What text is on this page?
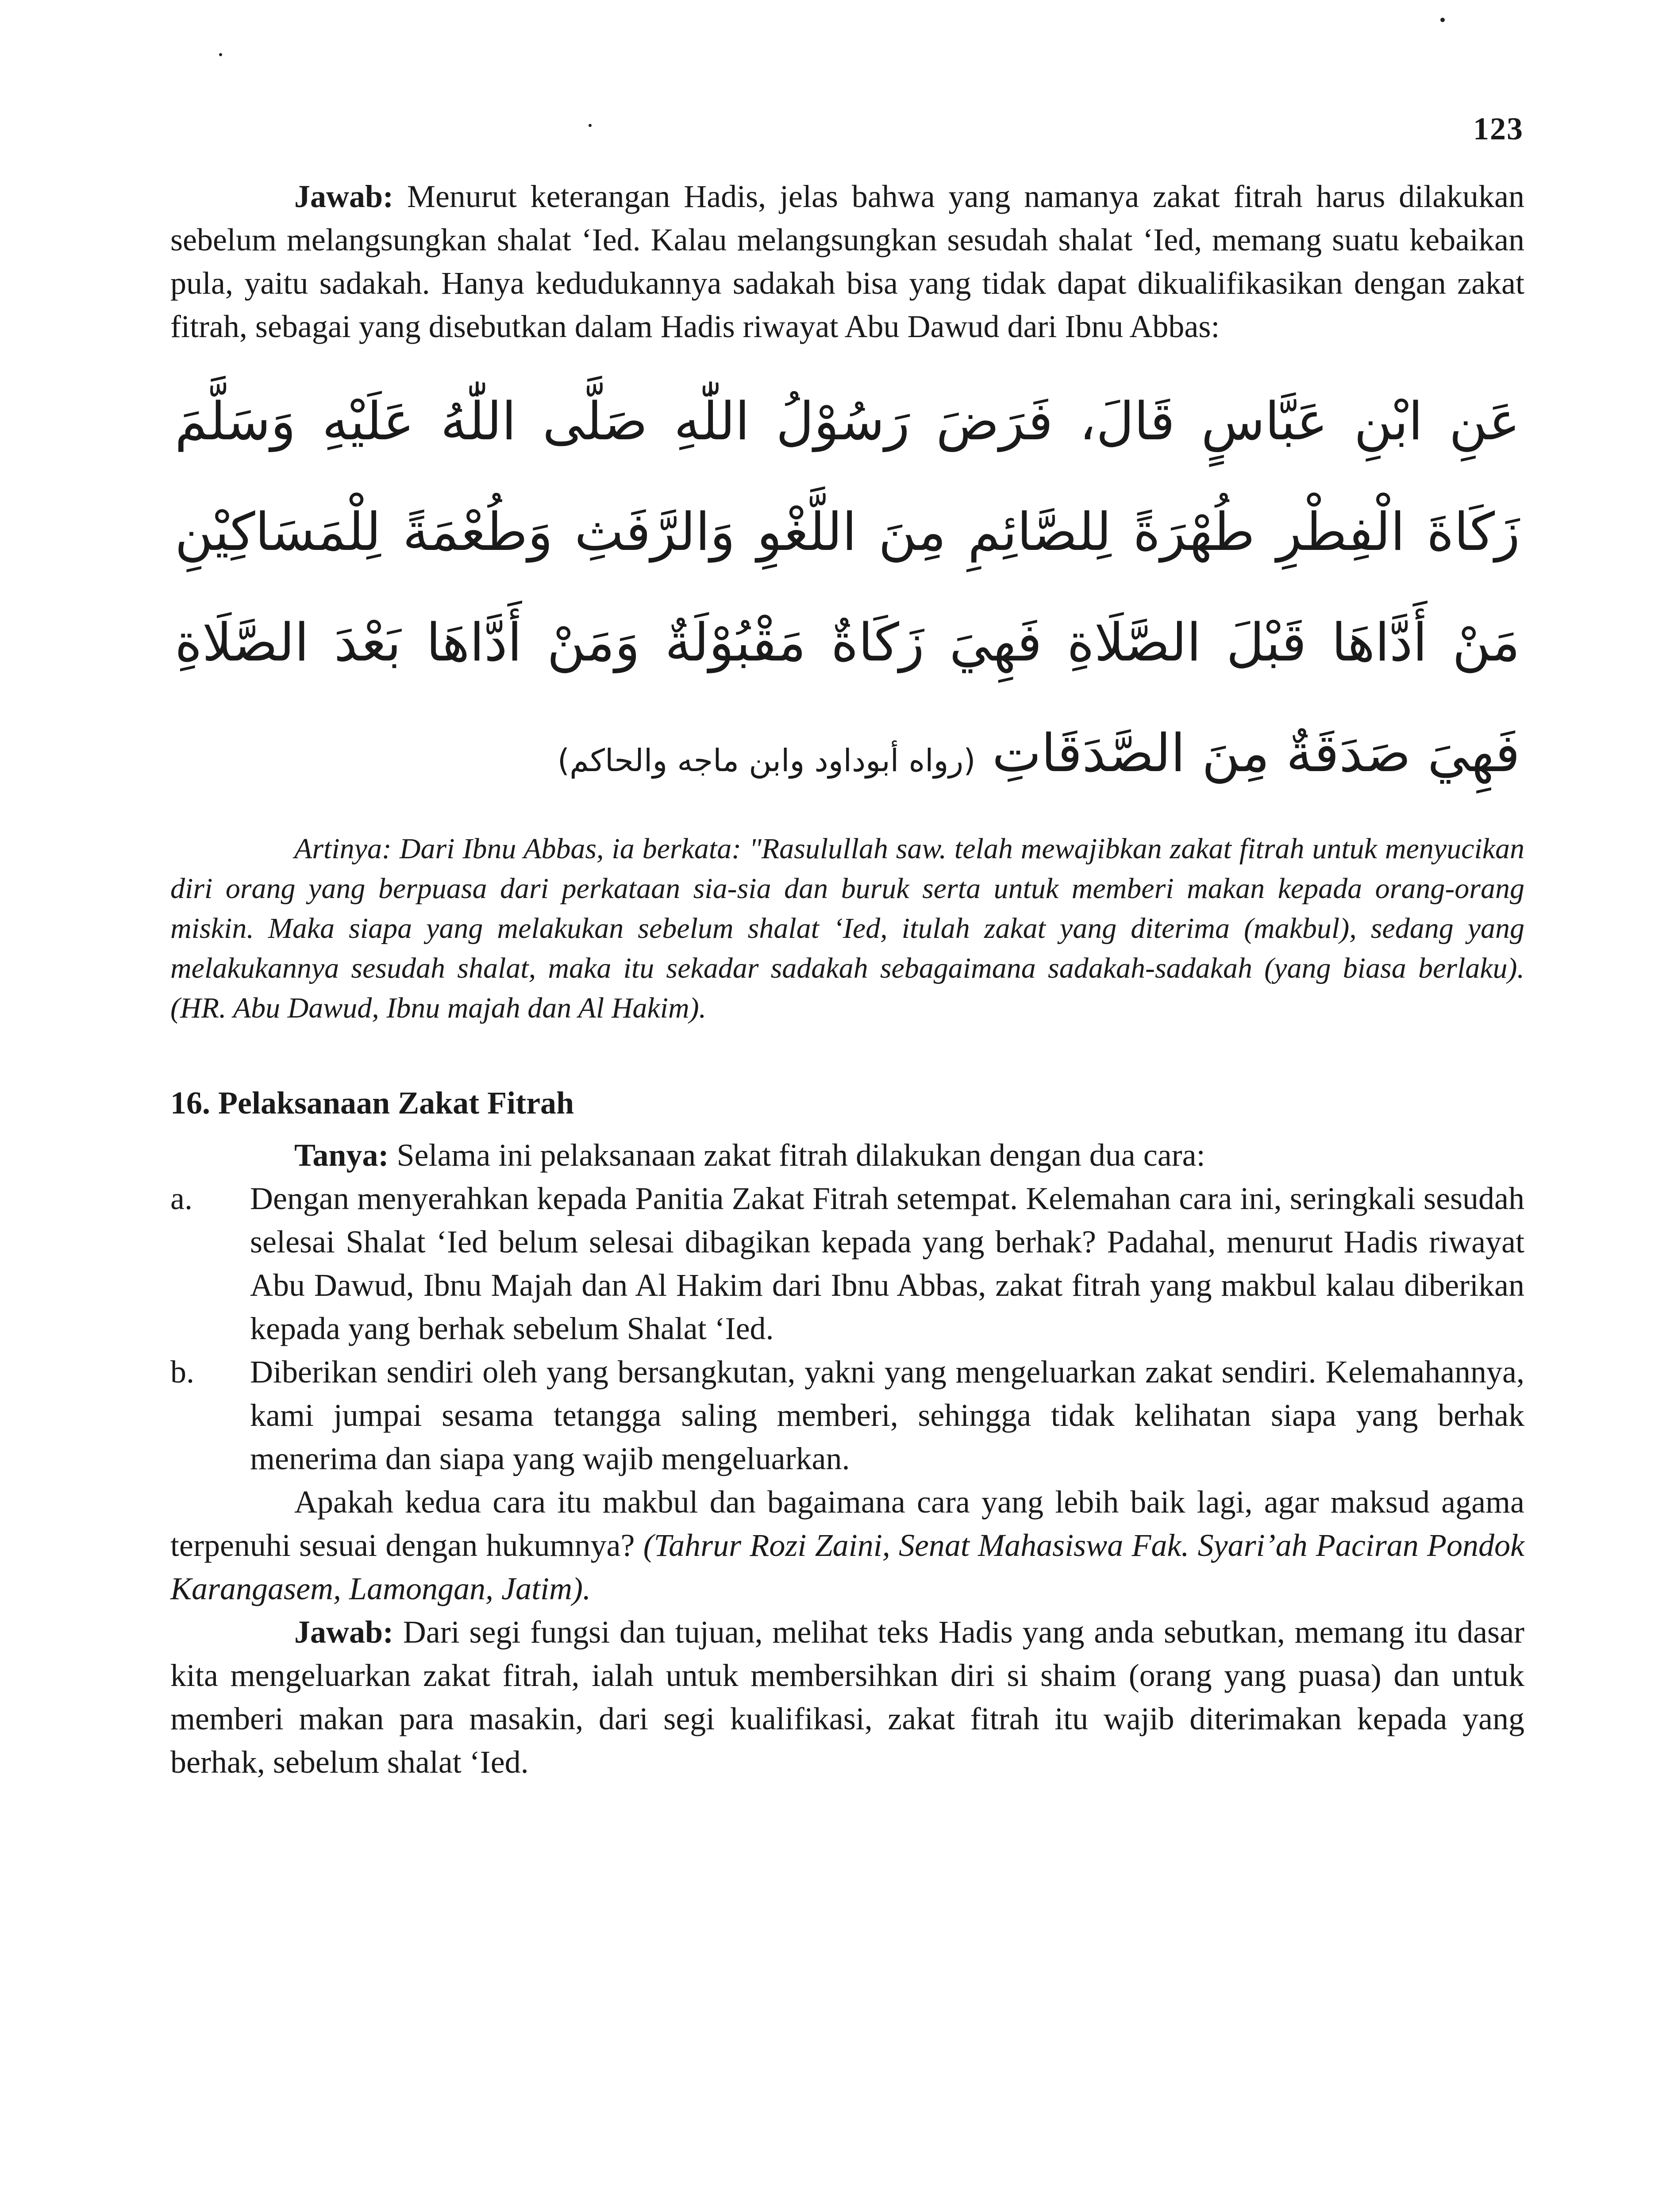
123

Jawab: Menurut keterangan Hadis, jelas bahwa yang namanya zakat fitrah harus dilakukan sebelum melangsungkan shalat ‘Ied. Kalau melangsungkan sesudah shalat ‘Ied, memang suatu kebaikan pula, yaitu sadakah. Hanya kedudukannya sadakah bisa yang tidak dapat dikualifikasikan dengan zakat fitrah, sebagai yang disebutkan dalam Hadis riwayat Abu Dawud dari Ibnu Abbas:

عَنِ ابْنِ عَبَّاسٍ قَالَ، فَرَضَ رَسُوْلُ اللّٰهِ صَلَّى اللّٰهُ عَلَيْهِ وَسَلَّمَ زَكَاةَ الْفِطْرِ طُهْرَةً لِلصَّائِمِ مِنَ اللَّغْوِ وَالرَّفَثِ وَطُعْمَةً لِلْمَسَاكِيْنِ مَنْ أَدَّاهَا قَبْلَ الصَّلَاةِ فَهِيَ زَكَاةٌ مَقْبُوْلَةٌ وَمَنْ أَدَّاهَا بَعْدَ الصَّلَاةِ فَهِيَ صَدَقَةٌ مِنَ الصَّدَقَاتِ (رواه أبوداود وابن ماجه والحاكم)

Artinya: Dari Ibnu Abbas, ia berkata: "Rasulullah saw. telah mewajibkan zakat fitrah untuk menyucikan diri orang yang berpuasa dari perkataan sia-sia dan buruk serta untuk memberi makan kepada orang-orang miskin. Maka siapa yang melakukan sebelum shalat ‘Ied, itulah zakat yang diterima (makbul), sedang yang melakukannya sesudah shalat, maka itu sekadar sadakah sebagaimana sadakah-sadakah (yang biasa berlaku). (HR. Abu Dawud, Ibnu majah dan Al Hakim).

16. Pelaksanaan Zakat Fitrah

Tanya: Selama ini pelaksanaan zakat fitrah dilakukan dengan dua cara:

a.	Dengan menyerahkan kepada Panitia Zakat Fitrah setempat. Kelemahan cara ini, seringkali sesudah selesai Shalat ‘Ied belum selesai dibagikan kepada yang berhak? Padahal, menurut Hadis riwayat Abu Dawud, Ibnu Majah dan Al Hakim dari Ibnu Abbas, zakat fitrah yang makbul kalau diberikan kepada yang berhak sebelum Shalat ‘Ied.

b.	Diberikan sendiri oleh yang bersangkutan, yakni yang mengeluarkan zakat sendiri. Kelemahannya, kami jumpai sesama tetangga saling memberi, sehingga tidak kelihatan siapa yang berhak menerima dan siapa yang wajib mengeluarkan.

Apakah kedua cara itu makbul dan bagaimana cara yang lebih baik lagi, agar maksud agama terpenuhi sesuai dengan hukumnya? (Tahrur Rozi Zaini, Senat Mahasiswa Fak. Syari’ah Paciran Pondok Karangasem, Lamongan, Jatim).

Jawab: Dari segi fungsi dan tujuan, melihat teks Hadis yang anda sebutkan, memang itu dasar kita mengeluarkan zakat fitrah, ialah untuk membersihkan diri si shaim (orang yang puasa) dan untuk memberi makan para masakin, dari segi kualifikasi, zakat fitrah itu wajib diterimakan kepada yang berhak, sebelum shalat ‘Ied.
